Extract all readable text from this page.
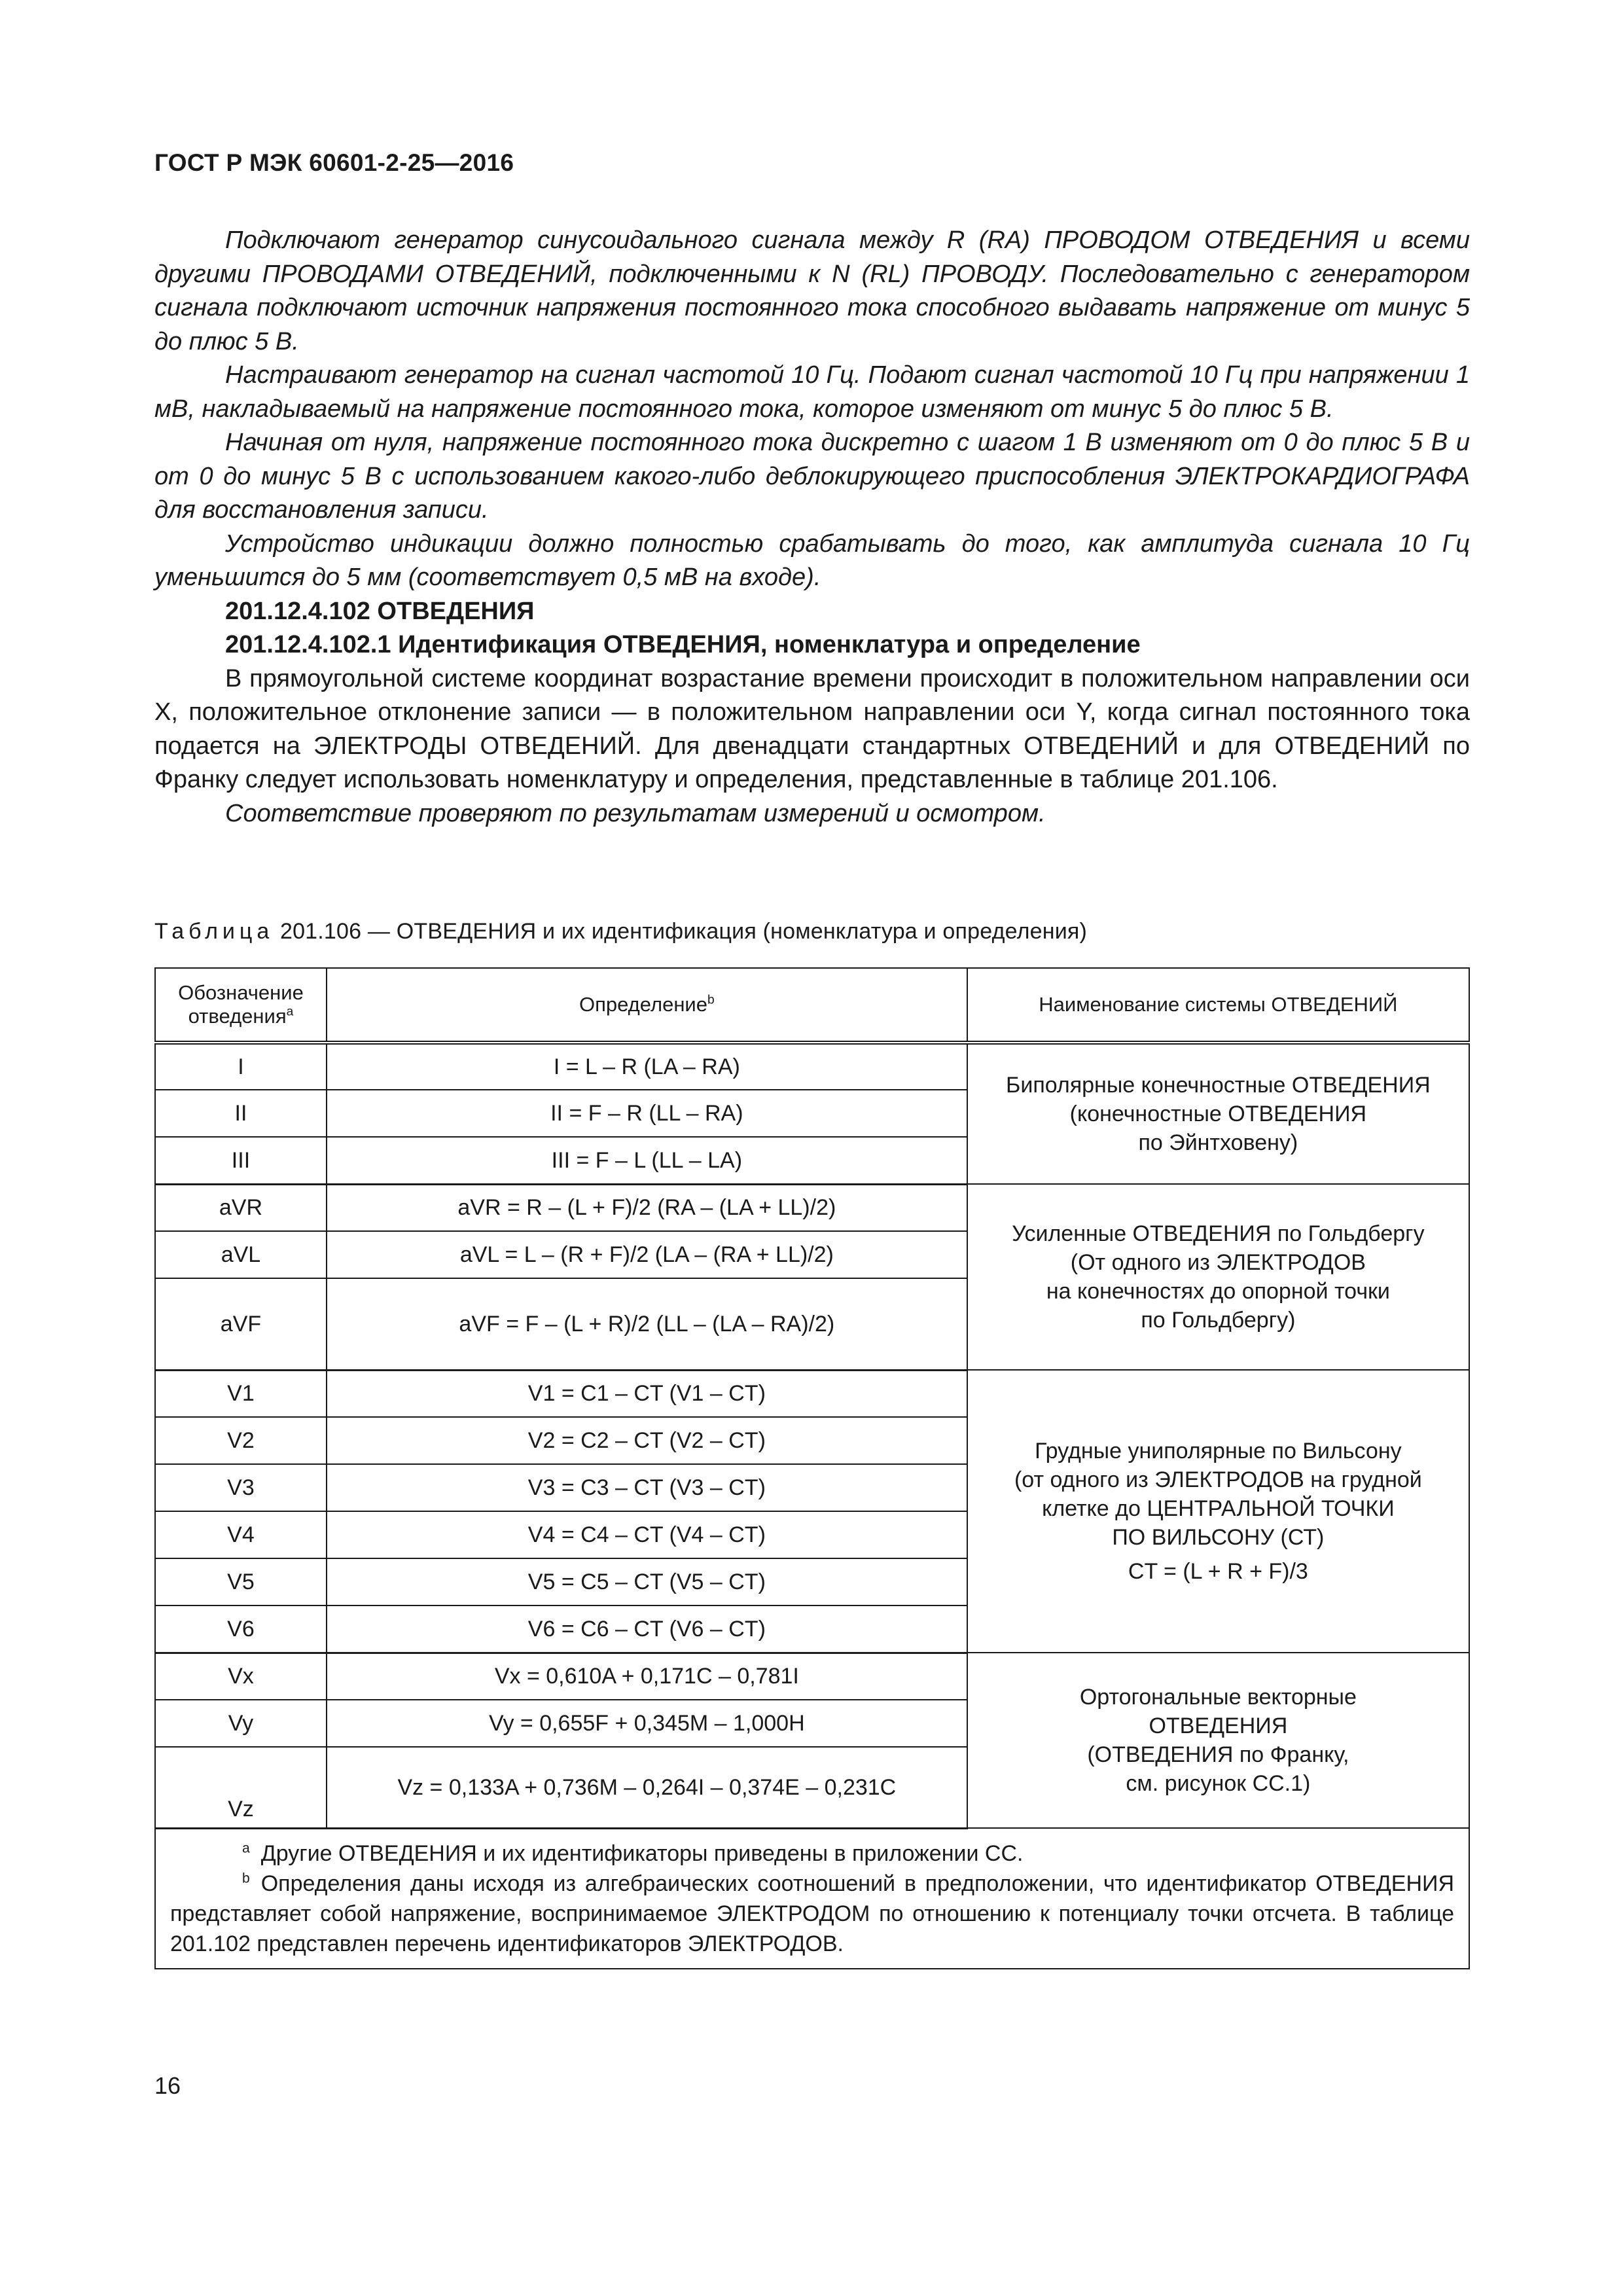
ГОСТ Р МЭК 60601-2-25—2016

Подключают генератор синусоидального сигнала между R (RA) ПРОВОДОМ ОТВЕДЕНИЯ и всеми другими ПРОВОДАМИ ОТВЕДЕНИЙ, подключенными к N (RL) ПРОВОДУ. Последовательно с генератором сигнала подключают источник напряжения постоянного тока способного выдавать напряжение от минус 5 до плюс 5 В.

Настраивают генератор на сигнал частотой 10 Гц. Подают сигнал частотой 10 Гц при напряжении 1 мВ, накладываемый на напряжение постоянного тока, которое изменяют от минус 5 до плюс 5 В.

Начиная от нуля, напряжение постоянного тока дискретно с шагом 1 В изменяют от 0 до плюс 5 В и от 0 до минус 5 В с использованием какого-либо деблокирующего приспособления ЭЛЕКТРОКАРДИОГРАФА для восстановления записи.

Устройство индикации должно полностью срабатывать до того, как амплитуда сигнала 10 Гц уменьшится до 5 мм (соответствует 0,5 мВ на входе).

201.12.4.102 ОТВЕДЕНИЯ

201.12.4.102.1 Идентификация ОТВЕДЕНИЯ, номенклатура и определение

В прямоугольной системе координат возрастание времени происходит в положительном направлении оси X, положительное отклонение записи — в положительном направлении оси Y, когда сигнал постоянного тока подается на ЭЛЕКТРОДЫ ОТВЕДЕНИЙ. Для двенадцати стандартных ОТВЕДЕНИЙ и для ОТВЕДЕНИЙ по Франку следует использовать номенклатуру и определения, представленные в таблице 201.106.

Соответствие проверяют по результатам измерений и осмотром.

Таблица 201.106 — ОТВЕДЕНИЯ и их идентификация (номенклатура и определения)
Обозначение отведения$^a$	Определение$^b$	Наименование системы ОТВЕДЕНИЙ
I	I = L – R (LA – RA)	Биполярные конечностные ОТВЕДЕНИЯ
(конечностные ОТВЕДЕНИЯ
по Эйнтховену)

II	II = F – R (LL – RA)	
III	III = F – L (LL – LA)	
aVR	aVR = R – (L + F)/2 (RA – (LA + LL)/2)	Усиленные ОТВЕДЕНИЯ по Гольдбергу
(От одного из ЭЛЕКТРОДОВ
на конечностях до опорной точки
по Гольдбергу)

aVL	aVL = L – (R + F)/2 (LA – (RA + LL)/2)	
aVF	aVF = F – (L + R)/2 (LL – (LA – RA)/2)	
V1	V1 = C1 – CT (V1 – CT)	Грудные униполярные по Вильсону
(от одного из ЭЛЕКТРОДОВ на грудной
клетке до ЦЕНТРАЛЬНОЙ ТОЧКИ
ПО ВИЛЬСОНУ (СТ)
CT = (L + R + F)/3

V2	V2 = C2 – CT (V2 – CT)	
V3	V3 = C3 – CT (V3 – CT)	
V4	V4 = C4 – CT (V4 – CT)	
V5	V5 = C5 – CT (V5 – CT)	
V6	V6 = C6 – CT (V6 – CT)	
Vx	Vx = 0,610A + 0,171C – 0,781I	Ортогональные векторные
ОТВЕДЕНИЯ
(ОТВЕДЕНИЯ по Франку,
см. рисунок СС.1)

Vy	Vy = 0,655F + 0,345M – 1,000H	
Vz	Vz = 0,133A + 0,736M – 0,264I – 0,374E – 0,231C	

$^a$  Другие ОТВЕДЕНИЯ и их идентификаторы приведены в приложении СС.

$^b$  Определения даны исходя из алгебраических соотношений в предположении, что идентификатор ОТВЕДЕНИЯ представляет собой напряжение, воспринимаемое ЭЛЕКТРОДОМ по отношению к потенциалу точки отсчета. В таблице 201.102 представлен перечень идентификаторов ЭЛЕКТРОДОВ.		

16
